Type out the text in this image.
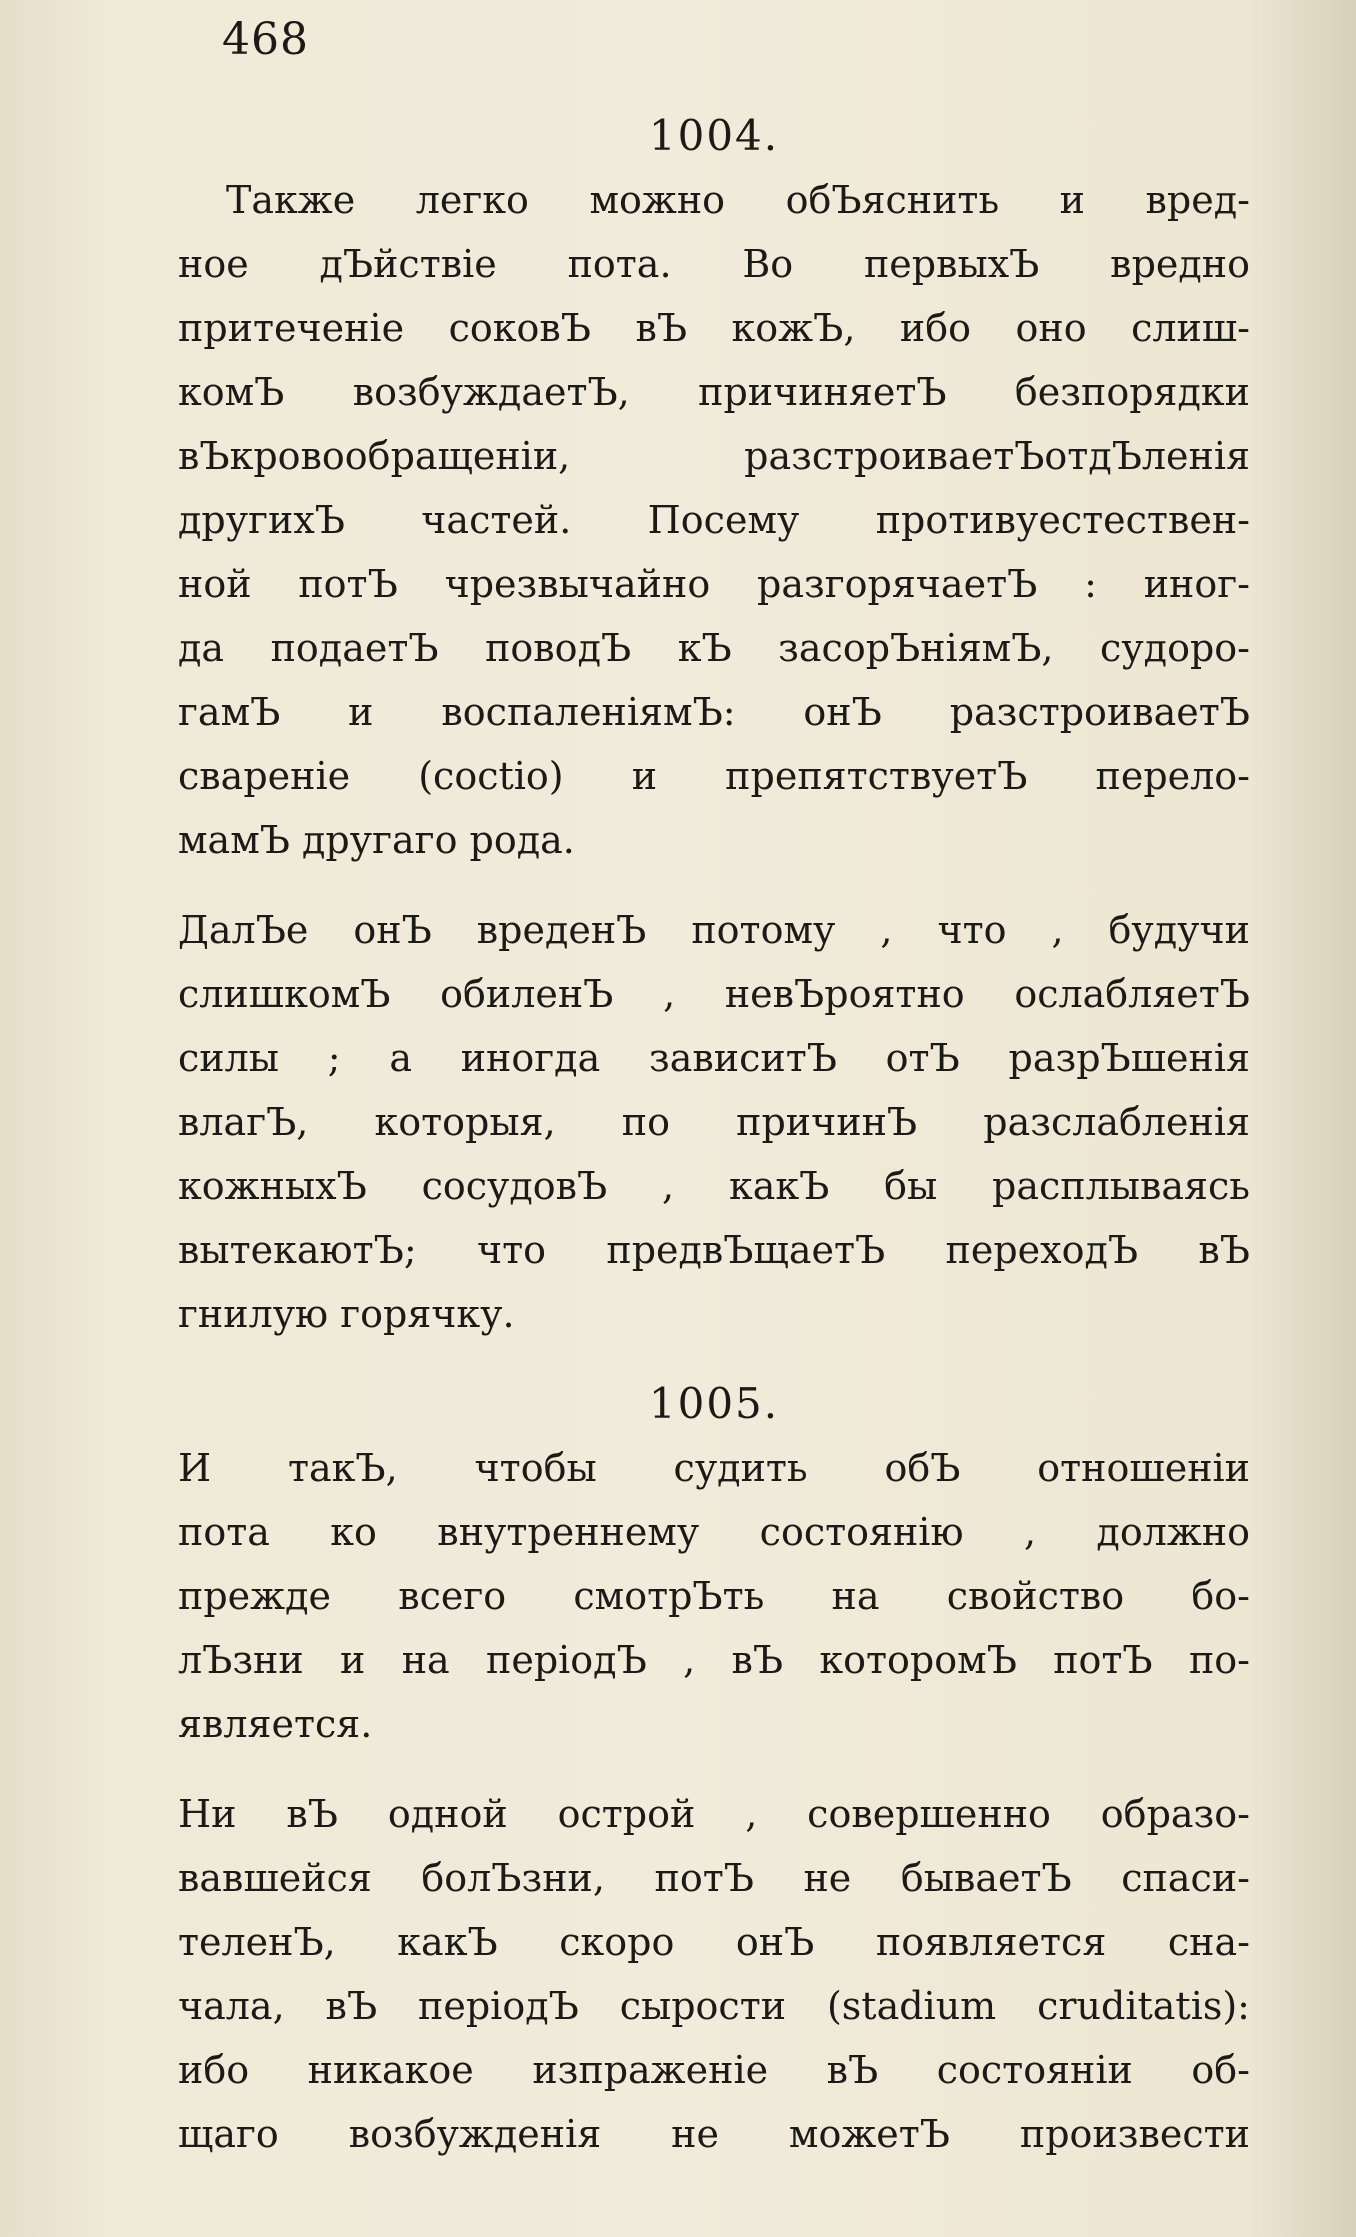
468
1004.
Также легко можно обЪяснить и вред-
ное дЪйствіе пота. Во первыхЪ вредно
притеченіе соковЪ вЪ кожЪ, ибо оно слиш-
комЪ возбуждаетЪ, причиняетЪ безпорядки
вЪкровообращеніи, разстроиваетЪотдЪленія
другихЪ частей. Посему противуестествен-
ной потЪ чрезвычайно разгорячаетЪ : иног-
да подаетЪ поводЪ кЪ засорЪніямЪ, судоро-
гамЪ и воспаленіямЪ: онЪ разстроиваетЪ
свареніе (coctio) и препятствуетЪ перело-
мамЪ другаго рода.
ДалЪе онЪ вреденЪ потому , что , будучи
слишкомЪ обиленЪ , невЪроятно ослабляетЪ
силы ; а иногда зависитЪ отЪ разрЪшенія
влагЪ, которыя, по причинЪ разслабленія
кожныхЪ сосудовЪ , какЪ бы расплываясь
вытекаютЪ; что предвЪщаетЪ переходЪ вЪ
гнилую горячку.
1005.
И такЪ, чтобы судить обЪ отношеніи
пота ко внутреннему состоянію , должно
прежде всего смотрЪть на свойство бо-
лЪзни и на періодЪ , вЪ которомЪ потЪ по-
является.
Ни вЪ одной острой , совершенно образо-
вавшейся болЪзни, потЪ не бываетЪ спаси-
теленЪ, какЪ скоро онЪ появляется сна-
чала, вЪ періодЪ сырости (stadium cruditatis):
ибо никакое изпраженіе вЪ состояніи об-
щаго возбужденія не можетЪ произвести
